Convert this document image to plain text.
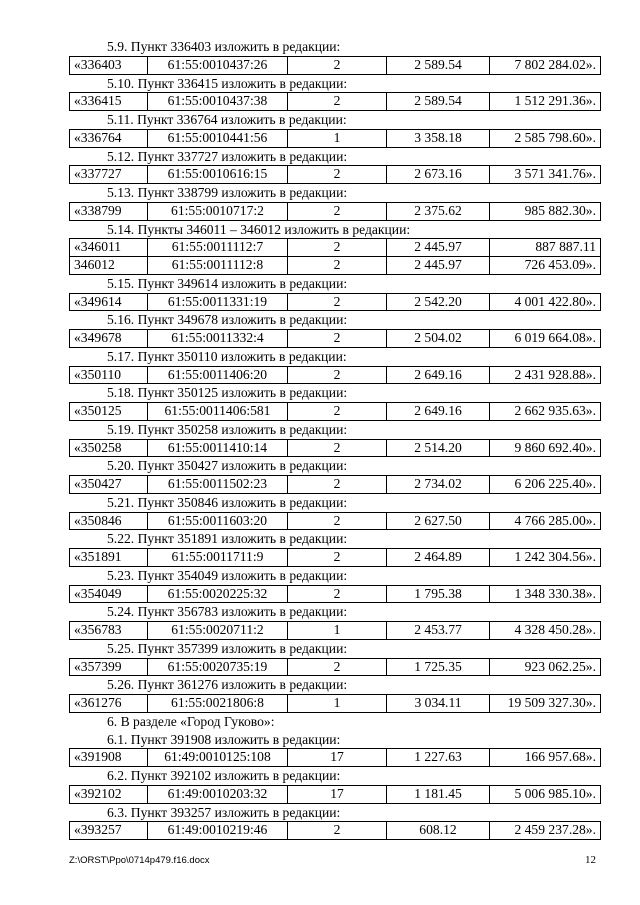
5.9. Пункт 336403 изложить в редакции:
«336403	61:55:0010437:26	2	2 589.54	7 802 284.02».
5.10. Пункт 336415 изложить в редакции:
«336415	61:55:0010437:38	2	2 589.54	1 512 291.36».
5.11. Пункт 336764 изложить в редакции:
«336764	61:55:0010441:56	1	3 358.18	2 585 798.60».
5.12. Пункт 337727 изложить в редакции:
«337727	61:55:0010616:15	2	2 673.16	3 571 341.76».
5.13. Пункт 338799 изложить в редакции:
«338799	61:55:0010717:2	2	2 375.62	985 882.30».
5.14. Пункты 346011 – 346012 изложить в редакции:
«346011	61:55:0011112:7	2	2 445.97	887 887.11
346012	61:55:0011112:8	2	2 445.97	726 453.09».
5.15. Пункт 349614 изложить в редакции:
«349614	61:55:0011331:19	2	2 542.20	4 001 422.80».
5.16. Пункт 349678 изложить в редакции:
«349678	61:55:0011332:4	2	2 504.02	6 019 664.08».
5.17. Пункт 350110 изложить в редакции:
«350110	61:55:0011406:20	2	2 649.16	2 431 928.88».
5.18. Пункт 350125 изложить в редакции:
«350125	61:55:0011406:581	2	2 649.16	2 662 935.63».
5.19. Пункт 350258 изложить в редакции:
«350258	61:55:0011410:14	2	2 514.20	9 860 692.40».
5.20. Пункт 350427 изложить в редакции:
«350427	61:55:0011502:23	2	2 734.02	6 206 225.40».
5.21. Пункт 350846 изложить в редакции:
«350846	61:55:0011603:20	2	2 627.50	4 766 285.00».
5.22. Пункт 351891 изложить в редакции:
«351891	61:55:0011711:9	2	2 464.89	1 242 304.56».
5.23. Пункт 354049 изложить в редакции:
«354049	61:55:0020225:32	2	1 795.38	1 348 330.38».
5.24. Пункт 356783 изложить в редакции:
«356783	61:55:0020711:2	1	2 453.77	4 328 450.28».
5.25. Пункт 357399 изложить в редакции:
«357399	61:55:0020735:19	2	1 725.35	923 062.25».
5.26. Пункт 361276 изложить в редакции:
«361276	61:55:0021806:8	1	3 034.11	19 509 327.30».
6. В разделе «Город Гуково»:
6.1. Пункт 391908 изложить в редакции:
«391908	61:49:0010125:108	17	1 227.63	166 957.68».
6.2. Пункт 392102 изложить в редакции:
«392102	61:49:0010203:32	17	1 181.45	5 006 985.10».
6.3. Пункт 393257 изложить в редакции:
«393257	61:49:0010219:46	2	608.12	2 459 237.28».
Z:\ORST\Ppo\0714p479.f16.docx	12
